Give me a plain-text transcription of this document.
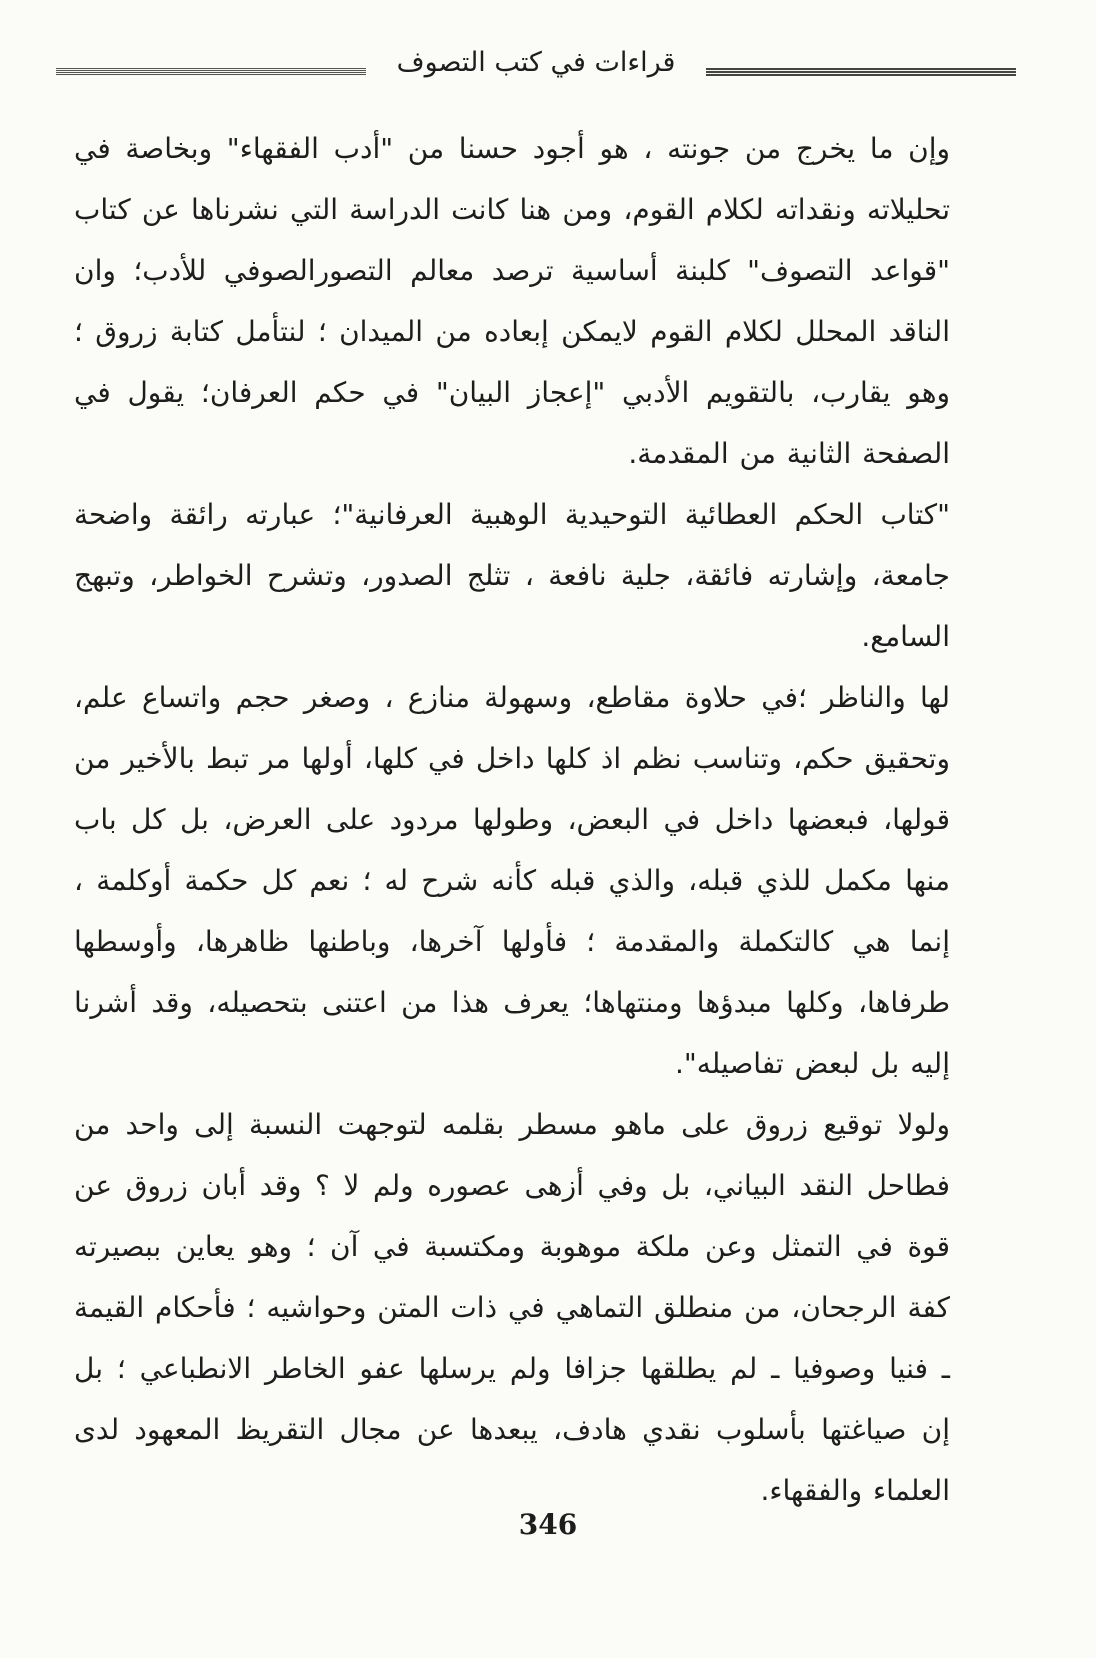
قراءات في كتب التصوف

وإن ما يخرج من جونته ، هو أجود حسنا من "أدب الفقهاء" وبخاصة في تحليلاته ونقداته لكلام القوم، ومن هنا كانت الدراسة التي نشرناها عن كتاب "قواعد التصوف" كلبنة أساسية ترصد معالم التصورالصوفي للأدب؛ وان الناقد المحلل لكلام القوم لايمكن إبعاده من الميدان ؛ لنتأمل كتابة زروق ؛ وهو يقارب، بالتقويم الأدبي "إعجاز البيان" في حكم العرفان؛ يقول في الصفحة الثانية من المقدمة.

"كتاب الحكم العطائية التوحيدية الوهبية العرفانية"؛ عبارته رائقة واضحة جامعة، وإشارته فائقة، جلية نافعة ، تثلج الصدور، وتشرح الخواطر، وتبهج السامع.

لها والناظر ؛في حلاوة مقاطع، وسهولة منازع ، وصغر حجم واتساع علم، وتحقيق حكم، وتناسب نظم اذ كلها داخل في كلها، أولها مر تبط بالأخير من قولها، فبعضها داخل في البعض، وطولها مردود على العرض، بل كل باب منها مكمل للذي قبله، والذي قبله كأنه شرح له ؛ نعم كل حكمة أوكلمة ، إنما هي كالتكملة والمقدمة ؛ فأولها آخرها، وباطنها ظاهرها، وأوسطها طرفاها، وكلها مبدؤها ومنتهاها؛ يعرف هذا من اعتنى بتحصيله، وقد أشرنا إليه بل لبعض تفاصيله".

ولولا توقيع زروق على ماهو مسطر بقلمه لتوجهت النسبة إلى واحد من فطاحل النقد البياني، بل وفي أزهى عصوره ولم لا ؟ وقد أبان زروق عن قوة في التمثل وعن ملكة موهوبة ومكتسبة في آن ؛ وهو يعاين ببصيرته كفة الرجحان، من منطلق التماهي في ذات المتن وحواشيه ؛ فأحكام القيمة ـ فنيا وصوفيا ـ لم يطلقها جزافا ولم يرسلها عفو الخاطر الانطباعي ؛ بل إن صياغتها بأسلوب نقدي هادف، يبعدها عن مجال التقريظ المعهود لدى العلماء والفقهاء.

346
